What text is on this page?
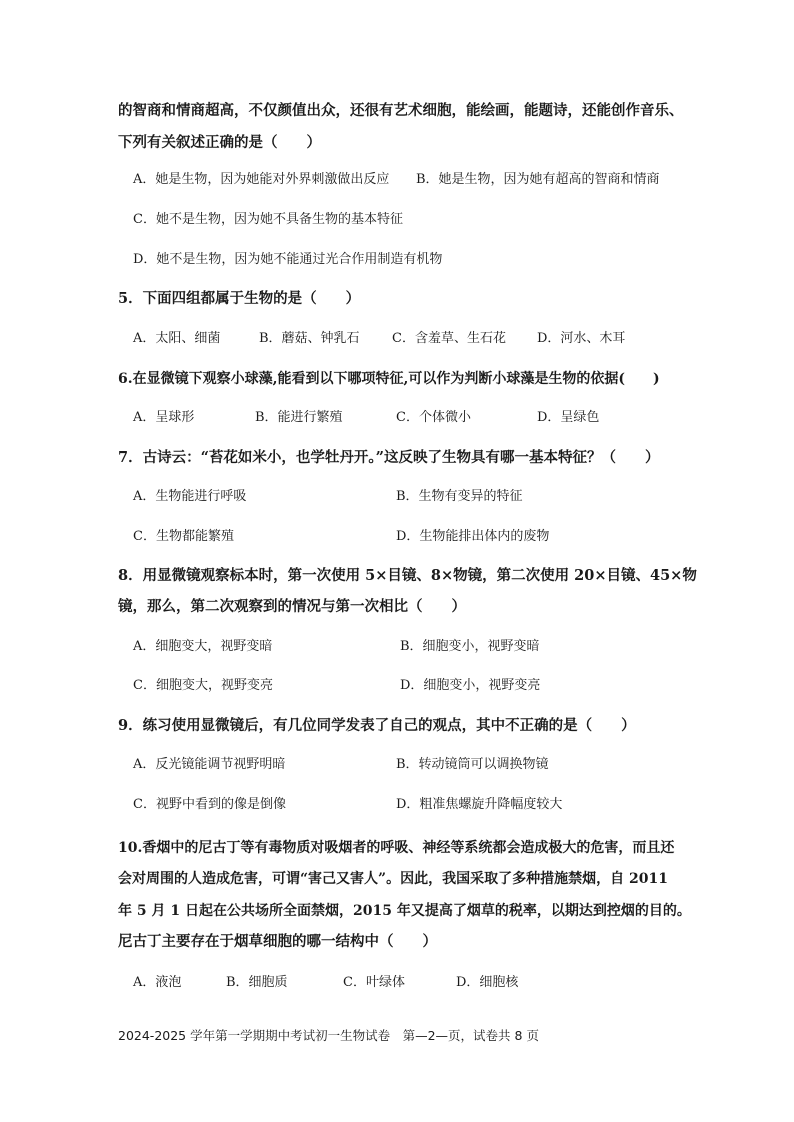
的智商和情商超高，不仅颜值出众，还很有艺术细胞，能绘画，能题诗，还能创作音乐、
下列有关叙述正确的是（　　）
A．她是生物，因为她能对外界刺激做出反应 B．她是生物，因为她有超高的智商和情商
C．她不是生物，因为她不具备生物的基本特征
D．她不是生物，因为她不能通过光合作用制造有机物
5．下面四组都属于生物的是（　　）
A．太阳、细菌	B．蘑菇、钟乳石 C．含羞草、生石花 D．河水、木耳
6.在显微镜下观察小球藻,能看到以下哪项特征,可以作为判断小球藻是生物的依据(　　)
A．呈球形	B．能进行繁殖	C．个体微小	D．呈绿色
7．古诗云：“苔花如米小，也学牡丹开。”这反映了生物具有哪一基本特征？（　　）
A．生物能进行呼吸	B．生物有变异的特征
C．生物都能繁殖	D．生物能排出体内的废物
8．用显微镜观察标本时，第一次使用 5×目镜、8×物镜，第二次使用 20×目镜、45×物
镜，那么，第二次观察到的情况与第一次相比（　　）
A．细胞变大，视野变暗	B．细胞变小，视野变暗
C．细胞变大，视野变亮	D．细胞变小，视野变亮
9．练习使用显微镜后，有几位同学发表了自己的观点，其中不正确的是（　　）
A．反光镜能调节视野明暗	B．转动镜筒可以调换物镜
C．视野中看到的像是倒像	D．粗准焦螺旋升降幅度较大
10.香烟中的尼古丁等有毒物质对吸烟者的呼吸、神经等系统都会造成极大的危害，而且还
会对周围的人造成危害，可谓“害己又害人”。因此，我国采取了多种措施禁烟，自 2011
年 5 月 1 日起在公共场所全面禁烟，2015 年又提高了烟草的税率，以期达到控烟的目的。
尼古丁主要存在于烟草细胞的哪一结构中（　　）
A．液泡	B．细胞质	C．叶绿体	D．细胞核
2024-2025 学年第一学期期中考试初一生物试卷　第—2—页，试卷共 8 页
